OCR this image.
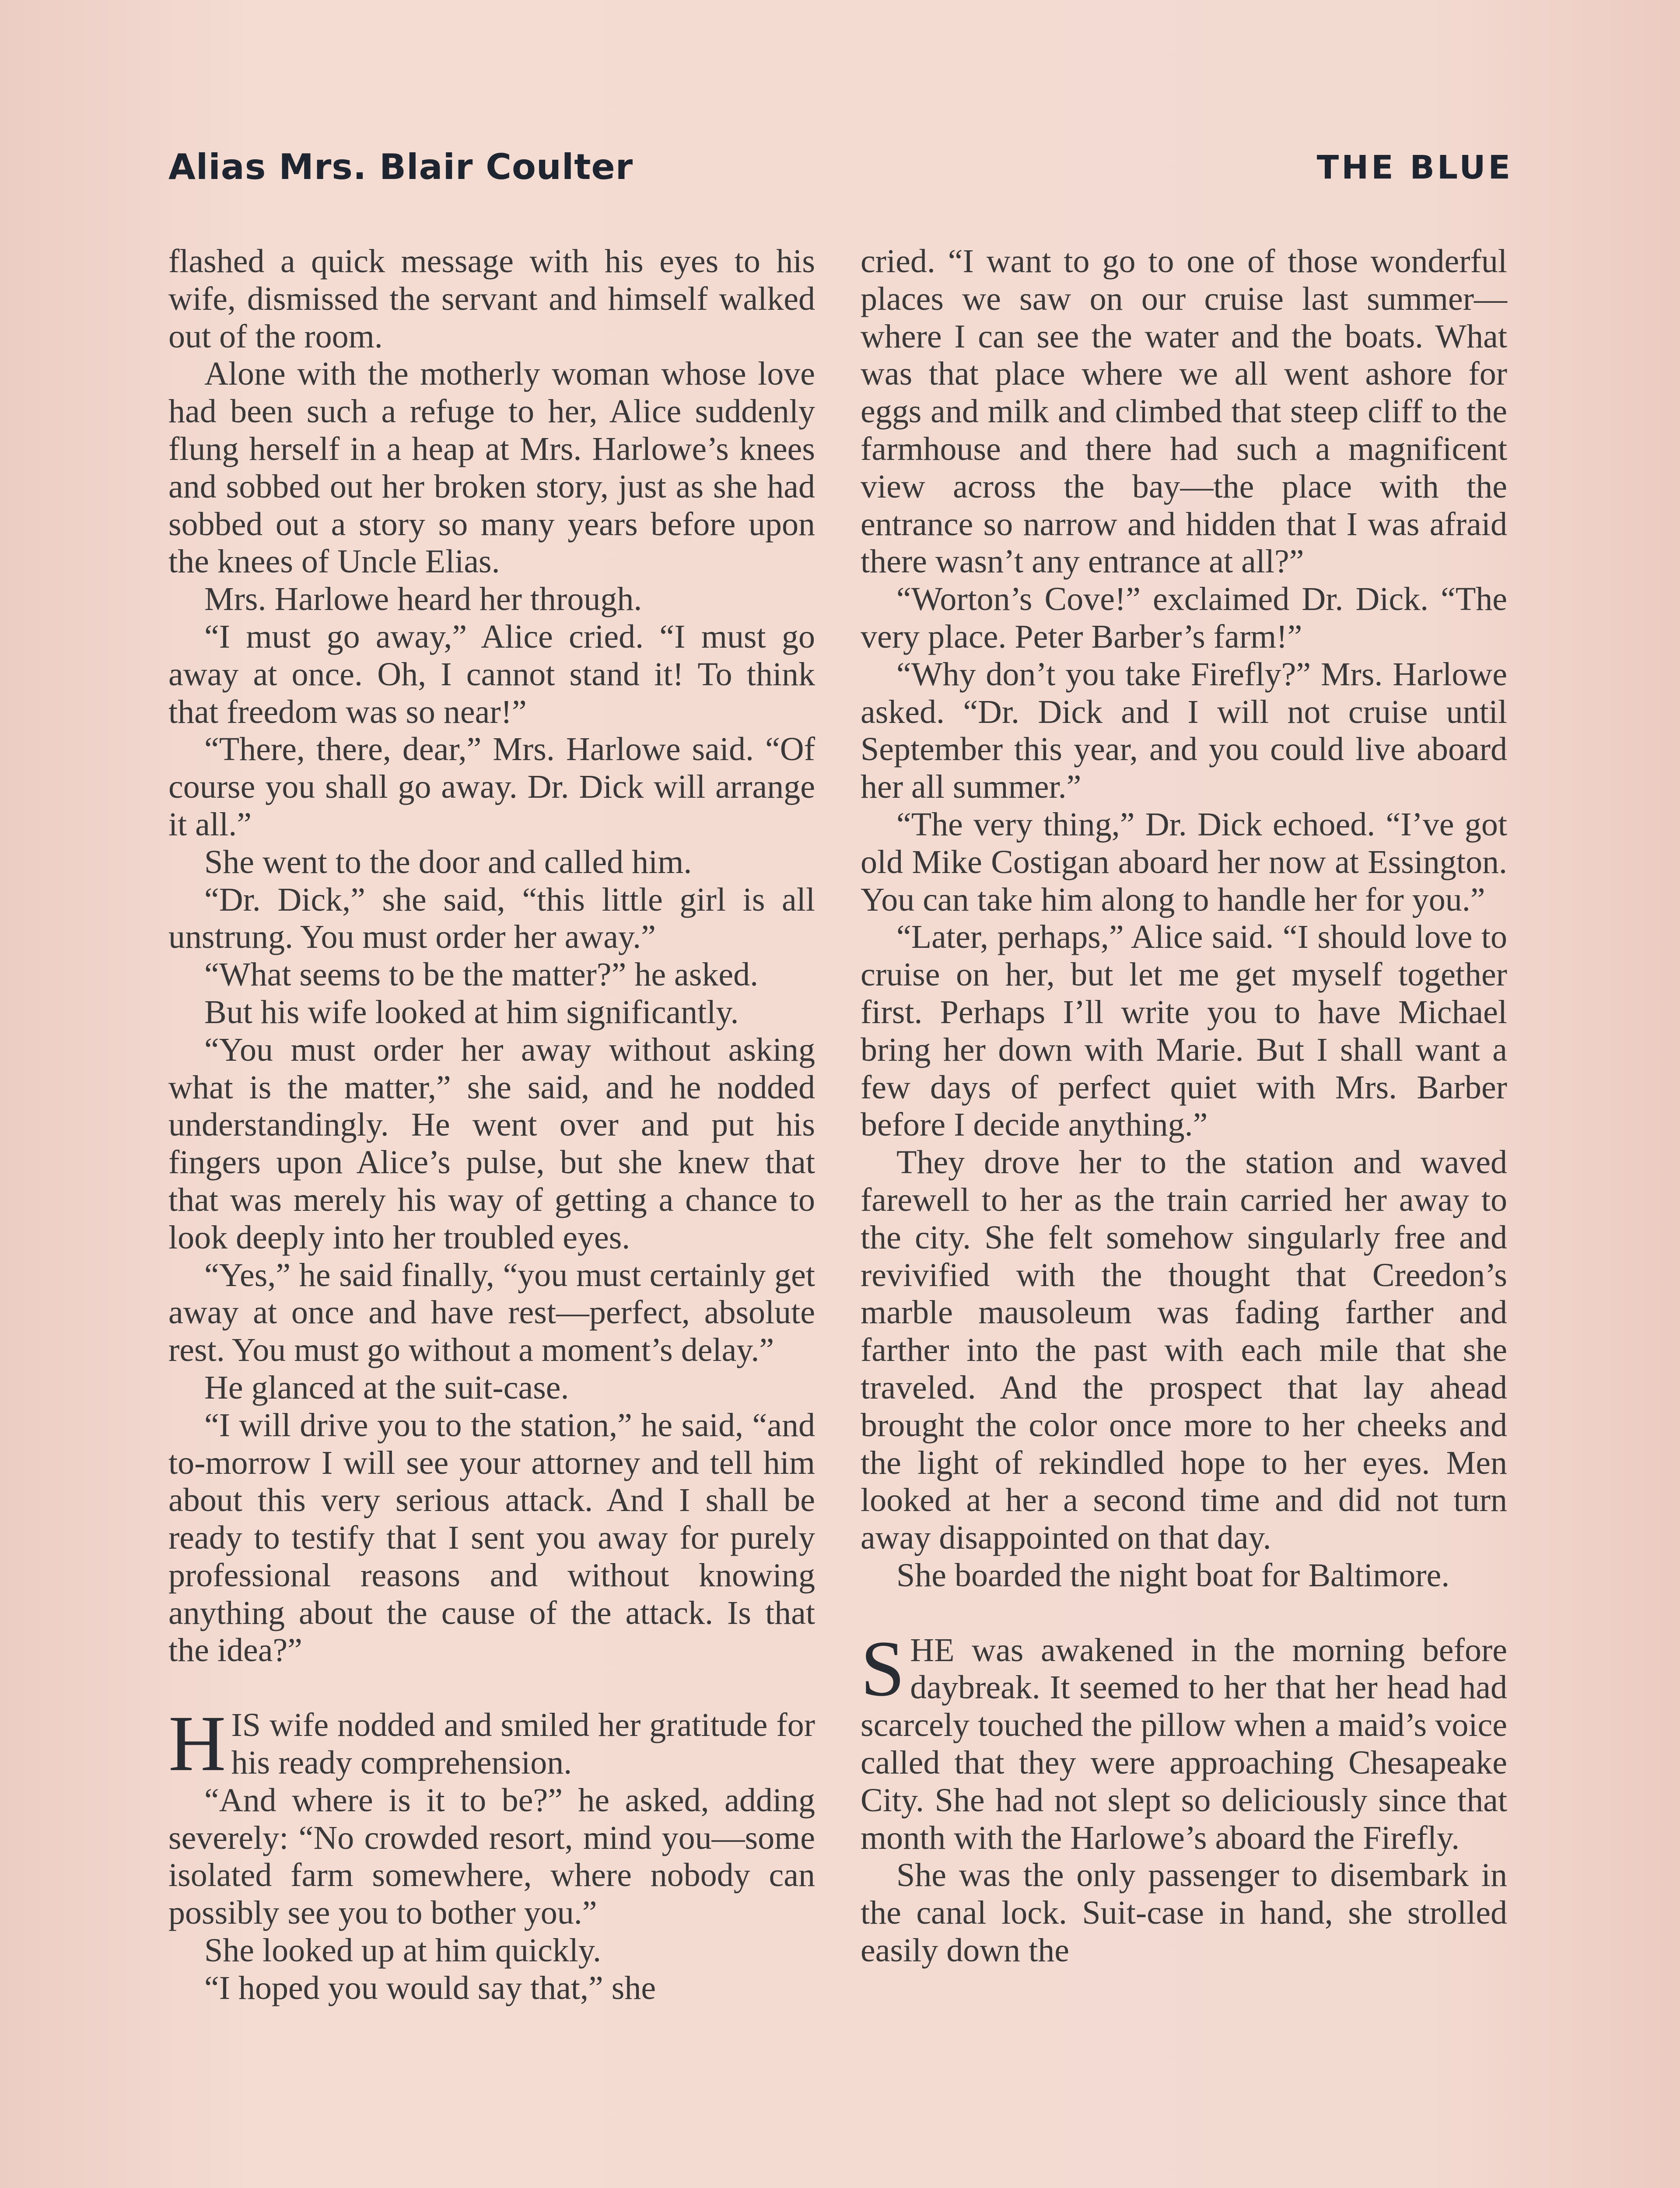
Alias Mrs. Blair Coulter	THE BLUE

flashed a quick message with his eyes to his wife, dismissed the servant and himself walked out of the room.

Alone with the motherly woman whose love had been such a refuge to her, Alice suddenly flung herself in a heap at Mrs. Harlowe’s knees and sobbed out her broken story, just as she had sobbed out a story so many years before upon the knees of Uncle Elias.

Mrs. Harlowe heard her through.

“I must go away,” Alice cried. “I must go away at once. Oh, I cannot stand it! To think that freedom was so near!”

“There, there, dear,” Mrs. Harlowe said. “Of course you shall go away. Dr. Dick will arrange it all.”

She went to the door and called him.

“Dr. Dick,” she said, “this little girl is all unstrung. You must order her away.”

“What seems to be the matter?” he asked.

But his wife looked at him significantly.

“You must order her away without asking what is the matter,” she said, and he nodded understandingly. He went over and put his fingers upon Alice’s pulse, but she knew that that was merely his way of getting a chance to look deeply into her troubled eyes.

“Yes,” he said finally, “you must certainly get away at once and have rest—perfect, absolute rest. You must go without a moment’s delay.”

He glanced at the suit-case.

“I will drive you to the station,” he said, “and to-morrow I will see your attorney and tell him about this very serious attack. And I shall be ready to testify that I sent you away for purely professional reasons and without knowing anything about the cause of the attack. Is that the idea?”

HIS wife nodded and smiled her gratitude for his ready comprehension.

“And where is it to be?” he asked, adding severely: “No crowded resort, mind you—some isolated farm somewhere, where nobody can possibly see you to bother you.”

She looked up at him quickly.

“I hoped you would say that,” she

cried. “I want to go to one of those wonderful places we saw on our cruise last summer—where I can see the water and the boats. What was that place where we all went ashore for eggs and milk and climbed that steep cliff to the farmhouse and there had such a magnificent view across the bay—the place with the entrance so narrow and hidden that I was afraid there wasn’t any entrance at all?”

“Worton’s Cove!” exclaimed Dr. Dick. “The very place. Peter Barber’s farm!”

“Why don’t you take Firefly?” Mrs. Harlowe asked. “Dr. Dick and I will not cruise until September this year, and you could live aboard her all summer.”

“The very thing,” Dr. Dick echoed. “I’ve got old Mike Costigan aboard her now at Essington. You can take him along to handle her for you.”

“Later, perhaps,” Alice said. “I should love to cruise on her, but let me get myself together first. Perhaps I’ll write you to have Michael bring her down with Marie. But I shall want a few days of perfect quiet with Mrs. Barber before I decide anything.”

They drove her to the station and waved farewell to her as the train carried her away to the city. She felt somehow singularly free and revivified with the thought that Creedon’s marble mausoleum was fading farther and farther into the past with each mile that she traveled. And the prospect that lay ahead brought the color once more to her cheeks and the light of rekindled hope to her eyes. Men looked at her a second time and did not turn away disappointed on that day.

She boarded the night boat for Baltimore.

SHE was awakened in the morning before daybreak. It seemed to her that her head had scarcely touched the pillow when a maid’s voice called that they were approaching Chesapeake City. She had not slept so deliciously since that month with the Harlowe’s aboard the Firefly.

She was the only passenger to disembark in the canal lock. Suit-case in hand, she strolled easily down the
